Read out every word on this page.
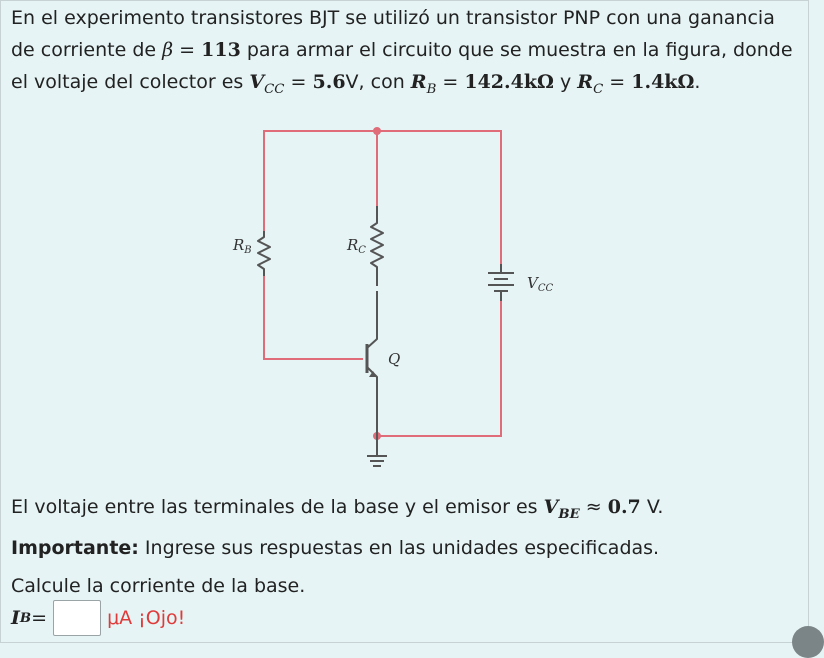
En el experimento transistores BJT se utilizó un transistor PNP con una ganancia de corriente de β = 113 para armar el circuito que se muestra en la figura, donde el voltaje del colector es $V_{CC} = 5.6V$, con $R_B = 142.4k\Omega$ y $R_C = 1.4k\Omega$.

$R_B$	$R_C$
$V_{CC}$
Q

El voltaje entre las terminales de la base y el emisor es $V_{BE} \approx 0.7$ V.

Importante: Ingrese sus respuestas en las unidades especificadas.

Calcule la corriente de la base.

I B =	μA ¡Ojo!
